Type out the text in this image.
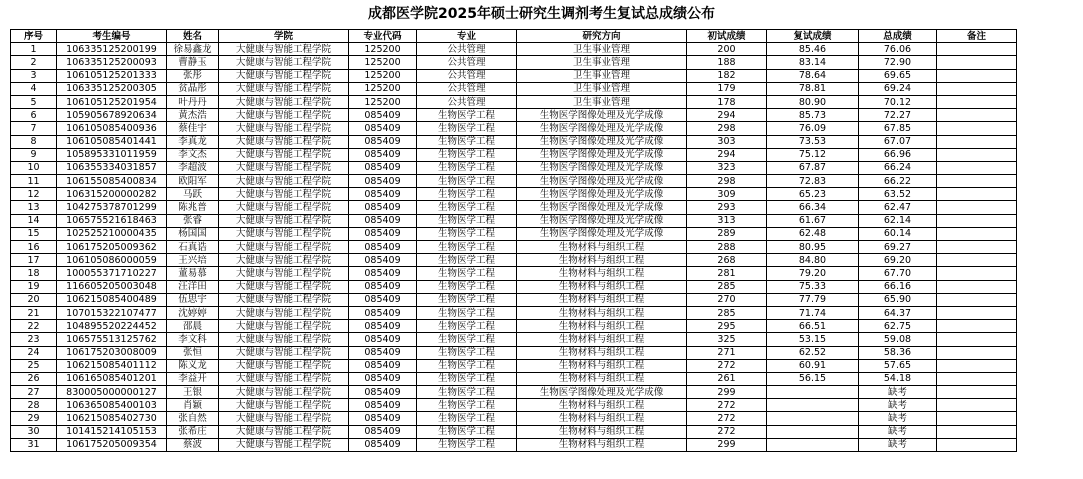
成都医学院2025年硕士研究生调剂考生复试总成绩公布
序号	考生编号	姓名	学院	专业代码	专业	研究方向	初试成绩	复试成绩	总成绩	备注
1	106335125200199	徐易鑫龙	大健康与智能工程学院	125200	公共管理	卫生事业管理	200	85.46	76.06	
2	106335125200093	曹静玉	大健康与智能工程学院	125200	公共管理	卫生事业管理	188	83.14	72.90	
3	106105125201333	张彤	大健康与智能工程学院	125200	公共管理	卫生事业管理	182	78.64	69.65	
4	106335125200305	贫晶彤	大健康与智能工程学院	125200	公共管理	卫生事业管理	179	78.81	69.24	
5	106105125201954	叶丹丹	大健康与智能工程学院	125200	公共管理	卫生事业管理	178	80.90	70.12	
6	105905678920634	黄杰浩	大健康与智能工程学院	085409	生物医学工程	生物医学图像处理及光学成像	294	85.73	72.27	
7	106105085400936	蔡佳宇	大健康与智能工程学院	085409	生物医学工程	生物医学图像处理及光学成像	298	76.09	67.85	
8	106105085401441	李真龙	大健康与智能工程学院	085409	生物医学工程	生物医学图像处理及光学成像	303	73.53	67.07	
9	105895331011959	李文杰	大健康与智能工程学院	085409	生物医学工程	生物医学图像处理及光学成像	294	75.12	66.96	
10	106355334031857	李超波	大健康与智能工程学院	085409	生物医学工程	生物医学图像处理及光学成像	323	67.87	66.24	
11	106155085400834	欧阳军	大健康与智能工程学院	085409	生物医学工程	生物医学图像处理及光学成像	298	72.83	66.22	
12	106315200000282	马跃	大健康与智能工程学院	085409	生物医学工程	生物医学图像处理及光学成像	309	65.23	63.52	
13	104275378701299	陈兆普	大健康与智能工程学院	085409	生物医学工程	生物医学图像处理及光学成像	293	66.34	62.47	
14	106575521618463	张睿	大健康与智能工程学院	085409	生物医学工程	生物医学图像处理及光学成像	313	61.67	62.14	
15	102525210000435	杨国国	大健康与智能工程学院	085409	生物医学工程	生物医学图像处理及光学成像	289	62.48	60.14	
16	106175205009362	石真诰	大健康与智能工程学院	085409	生物医学工程	生物材料与组织工程	288	80.95	69.27	
17	106105086000059	王兴培	大健康与智能工程学院	085409	生物医学工程	生物材料与组织工程	268	84.80	69.20	
18	100055371710227	董易慕	大健康与智能工程学院	085409	生物医学工程	生物材料与组织工程	281	79.20	67.70	
19	116605205003048	汪洋田	大健康与智能工程学院	085409	生物医学工程	生物材料与组织工程	285	75.33	66.16	
20	106215085400489	伍思宇	大健康与智能工程学院	085409	生物医学工程	生物材料与组织工程	270	77.79	65.90	
21	107015322107477	沈婷婷	大健康与智能工程学院	085409	生物医学工程	生物材料与组织工程	285	71.74	64.37	
22	104895520224452	邵晨	大健康与智能工程学院	085409	生物医学工程	生物材料与组织工程	295	66.51	62.75	
23	106575513125762	李文科	大健康与智能工程学院	085409	生物医学工程	生物材料与组织工程	325	53.15	59.08	
24	106175203008009	张恒	大健康与智能工程学院	085409	生物医学工程	生物材料与组织工程	271	62.52	58.36	
25	106215085401112	陈义龙	大健康与智能工程学院	085409	生物医学工程	生物材料与组织工程	272	60.91	57.65	
26	106165085401201	李益开	大健康与智能工程学院	085409	生物医学工程	生物材料与组织工程	261	56.15	54.18	
27	830005000000127	王银	大健康与智能工程学院	085409	生物医学工程	生物医学图像处理及光学成像	299		缺考	
28	106365085400103	肖颖	大健康与智能工程学院	085409	生物医学工程	生物材料与组织工程	272		缺考	
29	106215085402730	张自然	大健康与智能工程学院	085409	生物医学工程	生物材料与组织工程	272		缺考	
30	101415214105153	张希庄	大健康与智能工程学院	085409	生物医学工程	生物材料与组织工程	272		缺考	
31	106175205009354	蔡波	大健康与智能工程学院	085409	生物医学工程	生物材料与组织工程	299		缺考	
